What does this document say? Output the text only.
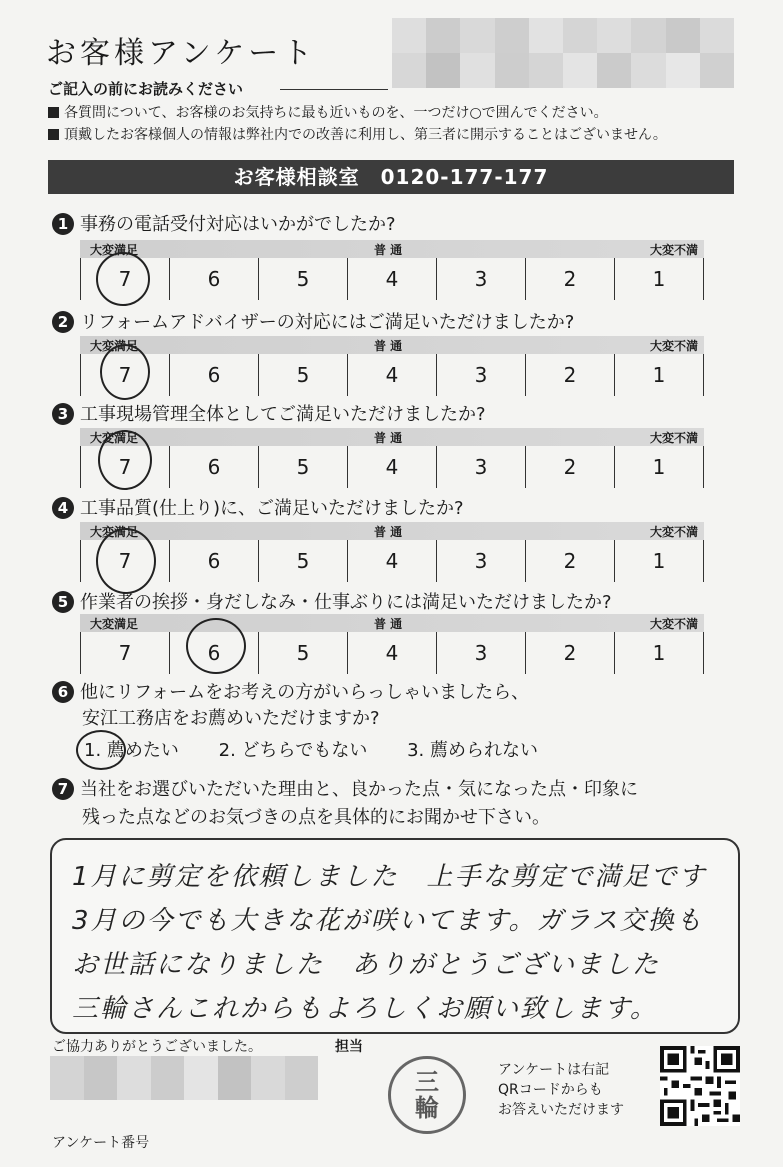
お客様アンケート
ご記入の前にお読みください
各質問について、お客様のお気持ちに最も近いものを、一つだけ○で囲んでください。
頂戴したお客様個人の情報は弊社内での改善に利用し、第三者に開示することはございません。
お客様相談室　0120-177-177
1 事務の電話受付対応はいかがでしたか?
大変満足	普 通	大変不満
7	6	5	4	3	2	1
2 リフォームアドバイザーの対応にはご満足いただけましたか?
大変満足	普 通	大変不満
7	6	5	4	3	2	1
3 工事現場管理全体としてご満足いただけましたか?
大変満足	普 通	大変不満
7	6	5	4	3	2	1
4 工事品質(仕上り)に、ご満足いただけましたか?
大変満足	普 通	大変不満
7	6	5	4	3	2	1
5 作業者の挨拶・身だしなみ・仕事ぶりには満足いただけましたか?
大変満足	普 通	大変不満
7	6	5	4	3	2	1
6 他にリフォームをお考えの方がいらっしゃいましたら、
安江工務店をお薦めいただけますか?
1. 薦めたい 2. どちらでもない 3. 薦められない
7 当社をお選びいただいた理由と、良かった点・気になった点・印象に
残った点などのお気づきの点を具体的にお聞かせ下さい。
1月に剪定を依頼しました　上手な剪定で満足です
3月の今でも大きな花が咲いてます。ガラス交換も
お世話になりました　ありがとうございました
三輪さんこれからもよろしくお願い致します。
ご協力ありがとうございました。	担当
アンケート番号
三
輪
アンケートは右記
QRコードからも
お答えいただけます
